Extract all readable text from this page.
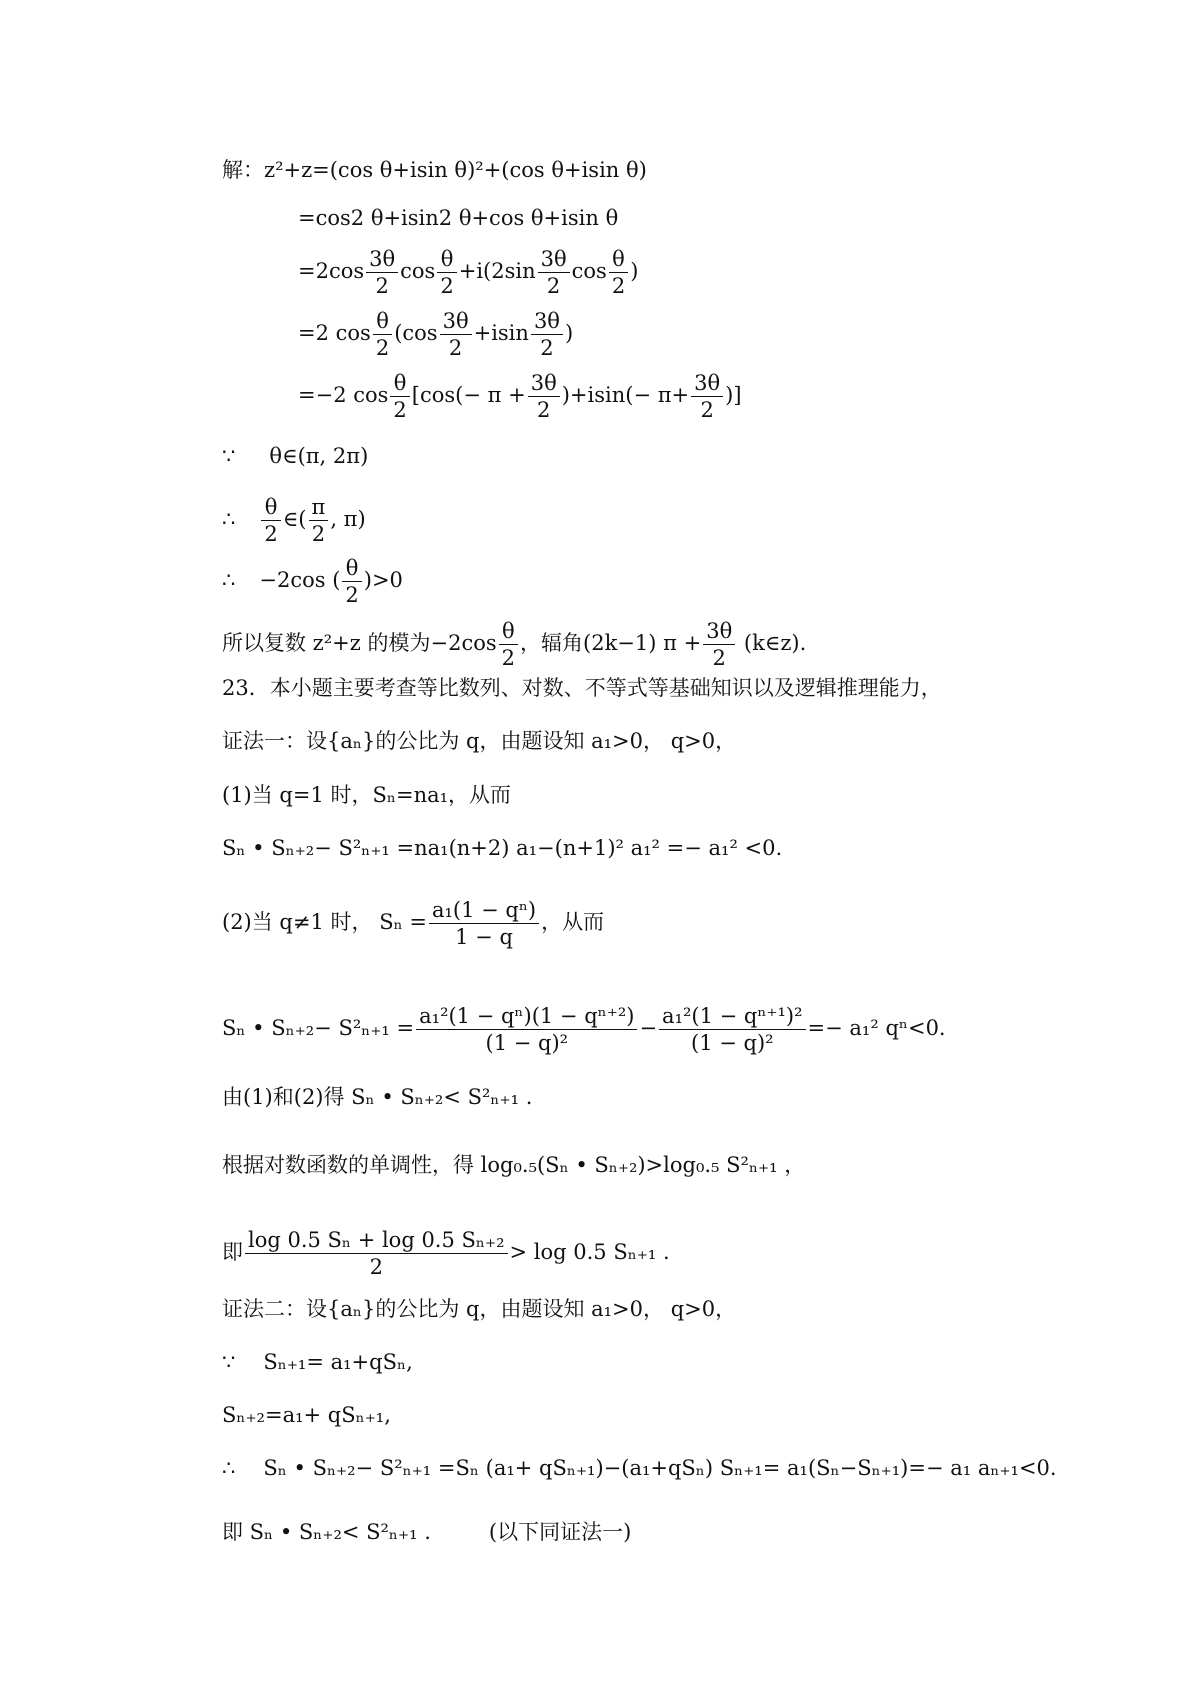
解：z²+z=(cos θ+isin θ)²+(cos θ+isin θ)
=cos2 θ+isin2 θ+cos θ+isin θ
$=2\cos \frac{3\theta}{2}$ $\cos \frac{\theta}{2} +i(2\sin \frac{3\theta}{2}$ $\cos \frac{\theta}{2}$ )
=2 $\cos \frac{\theta}{2} (\cos \frac{3\theta}{2} +isin \frac{3\theta}{2}$ )
=−2 $\cos \frac{\theta}{2} [\cos(- \pi + \frac{3\theta}{2} )+isin(- \pi+ \frac{3\theta}{2}$ )]
∵ θ∈(π, 2π)
∴ $\frac{\theta}{2}$ ∈( $\frac{\pi}{2}$ , π)
∴ −2cos ( $\frac{\theta}{2} )>0$
所以复数 z²+z 的模为$-2\cos \frac{\theta}{2}$ ，辐角(2k−1) $\pi + \frac{3\theta}{2}$ (k∈z).
23．本小题主要考查等比数列、对数、不等式等基础知识以及逻辑推理能力，
证法一：设{aₙ}的公比为 q，由题设知 a₁>0， q>0，
(1)当 q=1 时，Sₙ=na₁，从而
Sₙ • Sₙ₊₂− S²ₙ₊₁ =na₁(n+2) a₁−(n+1)² a₁² =− a₁² <0.
(2)当 q≠1 时， $S_n = \frac{\text{a₁(1 − qⁿ)}}{1 - q}$ ，从而
Sₙ • $S_{n+2}- S^2_{n+1} = \frac{\text{a₁²(1 − qⁿ)(1 − qⁿ⁺²)}}{\text{(1 − q)²}} - \frac{\text{a₁²(1 − qⁿ⁺¹)²}}{\text{(1 − q)²}} =- a_1^2$ qⁿ<0.
由(1)和(2)得 Sₙ • Sₙ₊₂< S²ₙ₊₁ .
根据对数函数的单调性，得 log₀.₅(Sₙ • Sₙ₊₂)>log₀.₅ S²ₙ₊₁ ，
即 $\frac{\text{log 0.5 Sₙ + log 0.5 Sₙ₊₂}}{2} > \log 0.5$ Sₙ₊₁ .
证法二：设{aₙ}的公比为 q，由题设知 a₁>0， q>0，
∵ Sₙ₊₁= a₁+qSₙ,
Sₙ₊₂=a₁+ qSₙ₊₁,
∴ Sₙ • Sₙ₊₂− S²ₙ₊₁ =Sₙ (a₁+ qSₙ₊₁)−(a₁+qSₙ) Sₙ₊₁= a₁(Sₙ−Sₙ₊₁)=− a₁ aₙ₊₁<0.
即 Sₙ • Sₙ₊₂< S²ₙ₊₁ .	(以下同证法一)
